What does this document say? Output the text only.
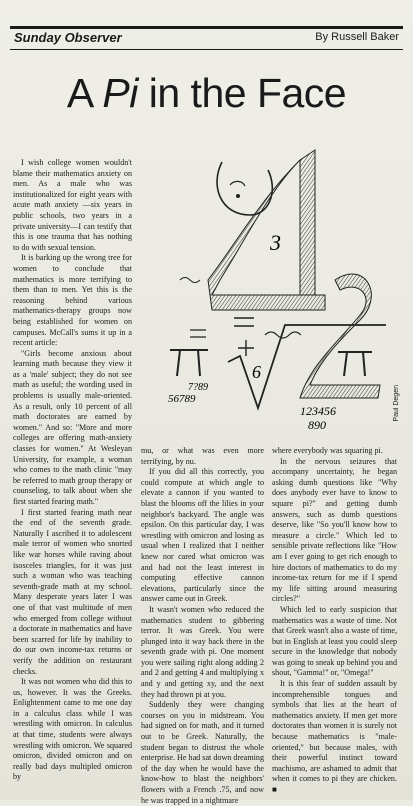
Sunday Observer	By Russell Baker
A Pi in the Face
3
6
123456
890
7?89
56789	Paul Degen

I wish college women wouldn't blame their mathematics anxiety on men. As a male who was institutionalized for eight years with acute math anxiety —six years in public schools, two years in a private university—I can testify that this is one trauma that has nothing to do with sexual tension.

It is barking up the wrong tree for women to conclude that mathematics is more terrifying to them than to men. Yet this is the reasoning behind various mathematics-therapy groups now being established for women on campuses. McCall's sums it up in a recent article:

"Girls become anxious about learning math because they view it as a 'male' subject; they do not see math as useful; the wording used in problems is usually male-oriented. As a result, only 10 percent of all math doctorates are earned by women." And so: "More and more colleges are offering math-anxiety classes for women." At Wesleyan University, for example, a woman who comes to the math clinic "may be referred to math group therapy or counseling, to talk about when she first started fearing math."

I first started fearing math near the end of the seventh grade. Naturally I ascribed it to adolescent male terror of women who snorted like war horses while raving about isosceles triangles, for it was just such a woman who was teaching seventh-grade math at my school. Many desperate years later I was one of that vast multitude of men who emerged from college without a doctorate in mathematics and have been scarred for life by inability to do our own income-tax returns or verify the addition on restaurant checks.

It was not women who did this to us, however. It was the Greeks. Enlightenment came to me one day in a calculus class while I was wrestling with omicron. In calculus at that time, students were always wrestling with omicron. We squared omicron, divided omicron and on really bad days multipled omicron by

mu, or what was even more terrifying, by nu.

If you did all this correctly, you could compute at which angle to elevate a cannon if you wanted to blast the blooms off the lilies in your neighbor's backyard. The angle was epsilon. On this particular day, I was wrestling with omicron and losing as usual when I realized that I neither knew nor cared what omicron was and had not the least interest in computing effective cannon elevations, particularly since the answer came out in Greek.

It wasn't women who reduced the mathematics student to gibbering terror. It was Greek. You were plunged into it way back there in the seventh grade with pi. One moment you were sailing right along adding 2 and 2 and getting 4 and multiplying x and y and getting xy, and the next they had thrown pi at you.

Suddenly they were changing courses on you in midstream. You had signed on for math, and it turned out to be Greek. Naturally, the student began to distrust the whole enterprise. He had sat down dreaming of the day when he would have the know-how to blast the neighbors' flowers with a French .75, and now he was trapped in a nightmare

where everybody was squaring pi.

In the nervous seizures that accompany uncertainty, he began asking dumb questions like "Why does anybody ever have to know to square pi?" and getting dumb answers, such as dumb questions deserve, like "So you'll know how to measure a circle." Which led to sensible private reflections like "How am I ever going to get rich enough to hire doctors of mathematics to do my income-tax return for me if I spend my life sitting around measuring circles?"

Which led to early suspicion that mathematics was a waste of time. Not that Greek wasn't also a waste of time, but in English at least you could sleep secure in the knowledge that nobody was going to sneak up behind you and shout, "Gamma!" or, "Omega!"

It is this fear of sudden assault by incomprehensible tongues and symbols that lies at the heart of mathematics anxiety. If men get more doctorates than women it is surely not because mathematics is "male-oriented," but because males, with their powerful instinct toward machismo, are ashamed to admit that when it comes to pi they are chicken. ■
